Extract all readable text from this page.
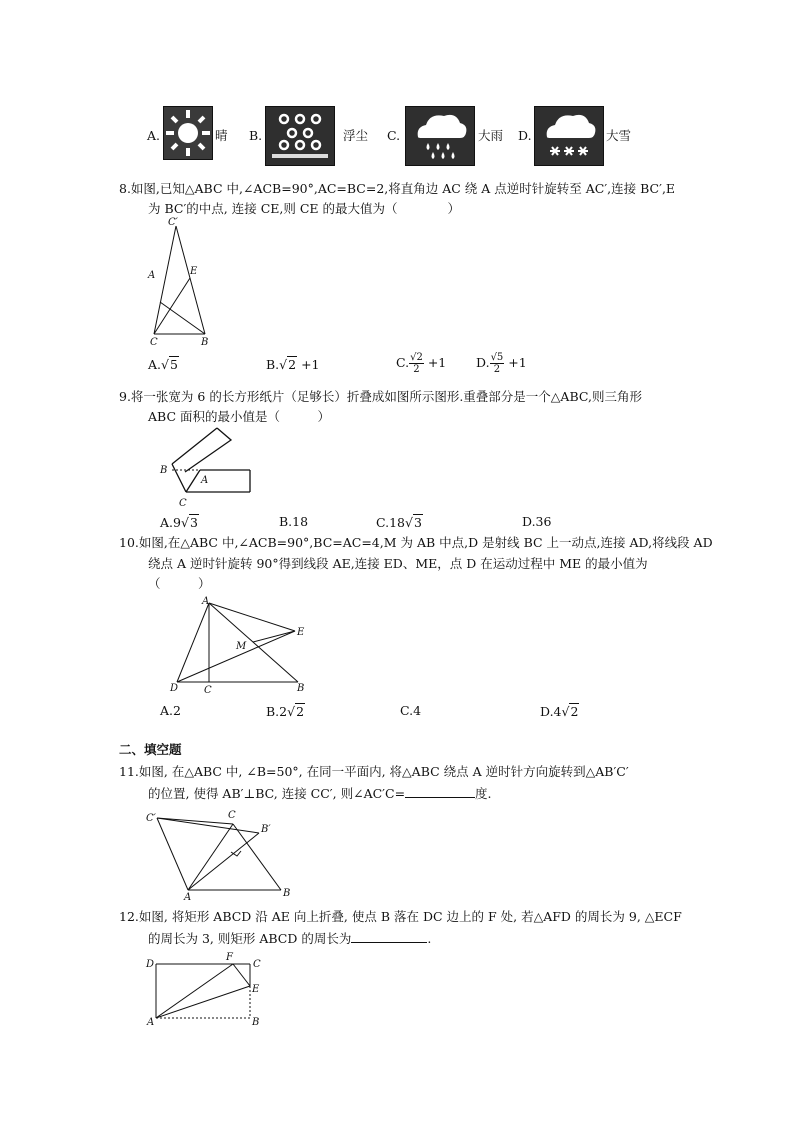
A.	晴 B.	浮尘 C.	大雨 D.	大雪
8.如图,已知△ABC 中,∠ACB=90°,AC=BC=2,将直角边 AC 绕 A 点逆时针旋转至 AC′,连接 BC′,E
为 BC′的中点, 连接 CE,则 CE 的最大值为（　　　　）
C′
A	E
C	B
A.√5	B.√2 +1	C. $\frac{√2}{2} +1$ D. $\frac{√5}{2} +1$
9.将一张宽为 6 的长方形纸片（足够长）折叠成如图所示图形.重叠部分是一个△ABC,则三角形
ABC 面积的最小值是（　　　）
B
A
C
A.9√3	B.18	C.18√3	D.36
10.如图,在△ABC 中,∠ACB=90°,BC=AC=4,M 为 AB 中点,D 是射线 BC 上一动点,连接 AD,将线段 AD
绕点 A 逆时针旋转 90°得到线段 AE,连接 ED、ME，点 D 在运动过程中 ME 的最小值为
（　　　）
A
E
M
D	C	B
A.2	B.2√2	C.4	D.4√2
二、填空题
11.如图, 在△ABC 中, ∠B=50°, 在同一平面内, 将△ABC 绕点 A 逆时针方向旋转到△AB′C′
的位置, 使得 AB′⊥BC, 连接 CC′, 则∠AC′C=	度.
C′	C
B′
A	B
12.如图, 将矩形 ABCD 沿 AE 向上折叠, 使点 B 落在 DC 边上的 F 处, 若△AFD 的周长为 9, △ECF
的周长为 3, 则矩形 ABCD 的周长为	.
D
F
C
E
A	B
